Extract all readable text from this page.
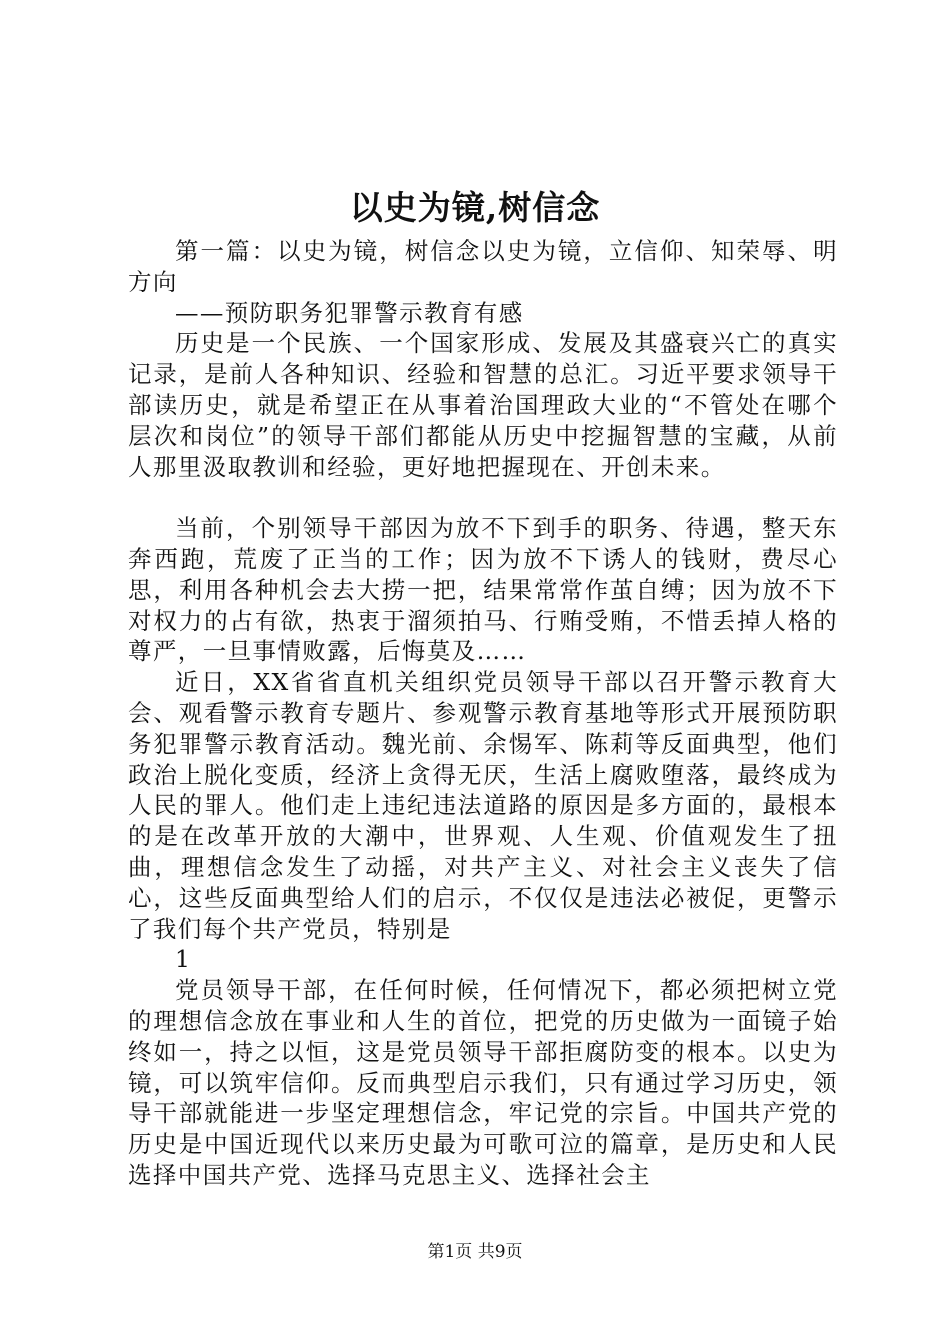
以史为镜,树信念

第一篇：以史为镜，树信念以史为镜，立信仰、知荣辱、明方向

——预防职务犯罪警示教育有感

历史是一个民族、一个国家形成、发展及其盛衰兴亡的真实记录，是前人各种知识、经验和智慧的总汇。习近平要求领导干部读历史，就是希望正在从事着治国理政大业的“不管处在哪个层次和岗位”的领导干部们都能从历史中挖掘智慧的宝藏，从前人那里汲取教训和经验，更好地把握现在、开创未来。

当前，个别领导干部因为放不下到手的职务、待遇，整天东奔西跑，荒废了正当的工作；因为放不下诱人的钱财，费尽心思，利用各种机会去大捞一把，结果常常作茧自缚；因为放不下对权力的占有欲，热衷于溜须拍马、行贿受贿，不惜丢掉人格的尊严，一旦事情败露，后悔莫及……

近日，XX省省直机关组织党员领导干部以召开警示教育大会、观看警示教育专题片、参观警示教育基地等形式开展预防职务犯罪警示教育活动。魏光前、余惕军、陈莉等反面典型，他们政治上脱化变质，经济上贪得无厌，生活上腐败堕落，最终成为人民的罪人。他们走上违纪违法道路的原因是多方面的，最根本的是在改革开放的大潮中，世界观、人生观、价值观发生了扭曲，理想信念发生了动摇，对共产主义、对社会主义丧失了信心，这些反面典型给人们的启示，不仅仅是违法必被促，更警示了我们每个共产党员，特别是

1

党员领导干部，在任何时候，任何情况下，都必须把树立党的理想信念放在事业和人生的首位，把党的历史做为一面镜子始终如一，持之以恒，这是党员领导干部拒腐防变的根本。以史为镜，可以筑牢信仰。反而典型启示我们，只有通过学习历史，领导干部就能进一步坚定理想信念，牢记党的宗旨。中国共产党的历史是中国近现代以来历史最为可歌可泣的篇章，是历史和人民选择中国共产党、选择马克思主义、选择社会主

第1页 共9页
